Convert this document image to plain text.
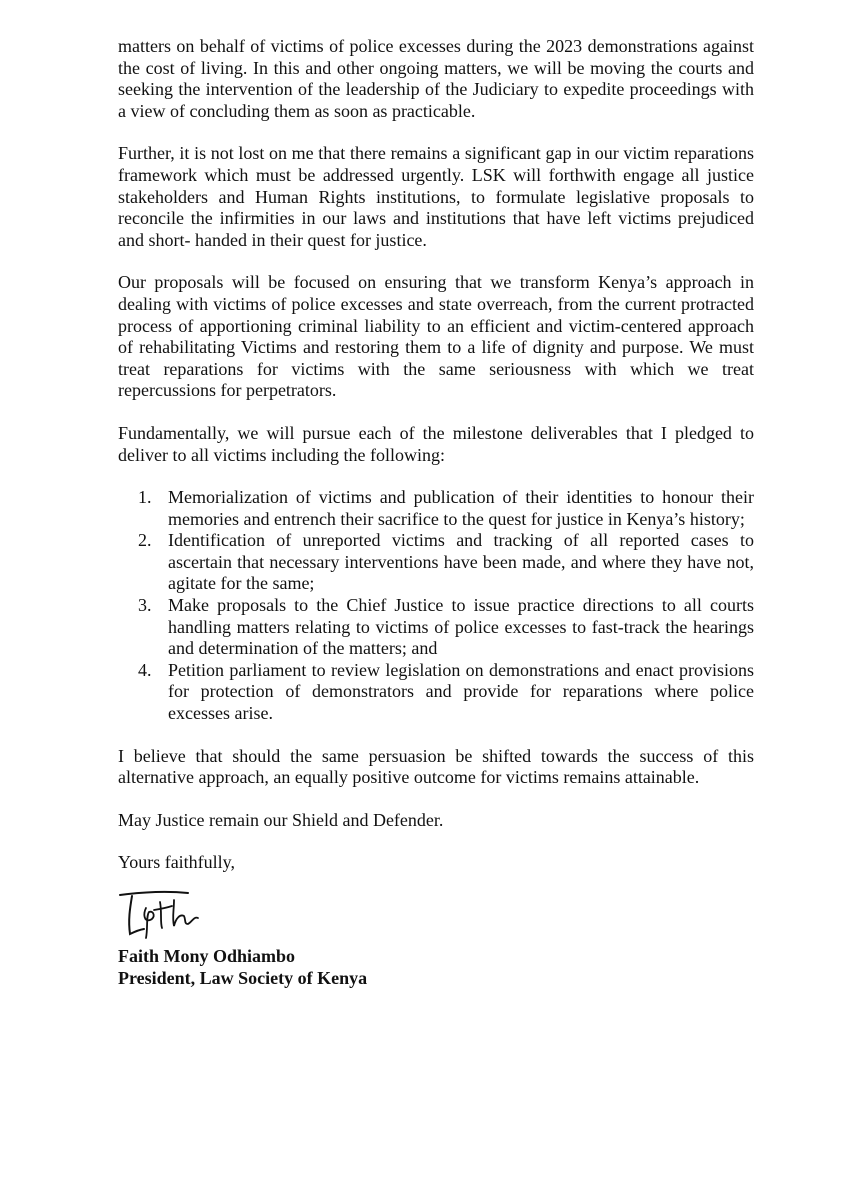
matters on behalf of victims of police excesses during the 2023 demonstrations against the cost of living. In this and other ongoing matters, we will be moving the courts and seeking the intervention of the leadership of the Judiciary to expedite proceedings with a view of concluding them as soon as practicable.

Further, it is not lost on me that there remains a significant gap in our victim reparations framework which must be addressed urgently. LSK will forthwith engage all justice stakeholders and Human Rights institutions, to formulate legislative proposals to reconcile the infirmities in our laws and institutions that have left victims prejudiced and short- handed in their quest for justice.

Our proposals will be focused on ensuring that we transform Kenya’s approach in dealing with victims of police excesses and state overreach, from the current protracted process of apportioning criminal liability to an efficient and victim-centered approach of rehabilitating Victims and restoring them to a life of dignity and purpose. We must treat reparations for victims with the same seriousness with which we treat repercussions for perpetrators.

Fundamentally, we will pursue each of the milestone deliverables that I pledged to deliver to all victims including the following:

1. Memorialization of victims and publication of their identities to honour their memories and entrench their sacrifice to the quest for justice in Kenya’s history;
2. Identification of unreported victims and tracking of all reported cases to ascertain that necessary interventions have been made, and where they have not, agitate for the same;
3. Make proposals to the Chief Justice to issue practice directions to all courts handling matters relating to victims of police excesses to fast-track the hearings and determination of the matters; and
4. Petition parliament to review legislation on demonstrations and enact provisions for protection of demonstrators and provide for reparations where police excesses arise.

I believe that should the same persuasion be shifted towards the success of this alternative approach, an equally positive outcome for victims remains attainable.

May Justice remain our Shield and Defender.

Yours faithfully,

Faith Mony Odhiambo

President, Law Society of Kenya
